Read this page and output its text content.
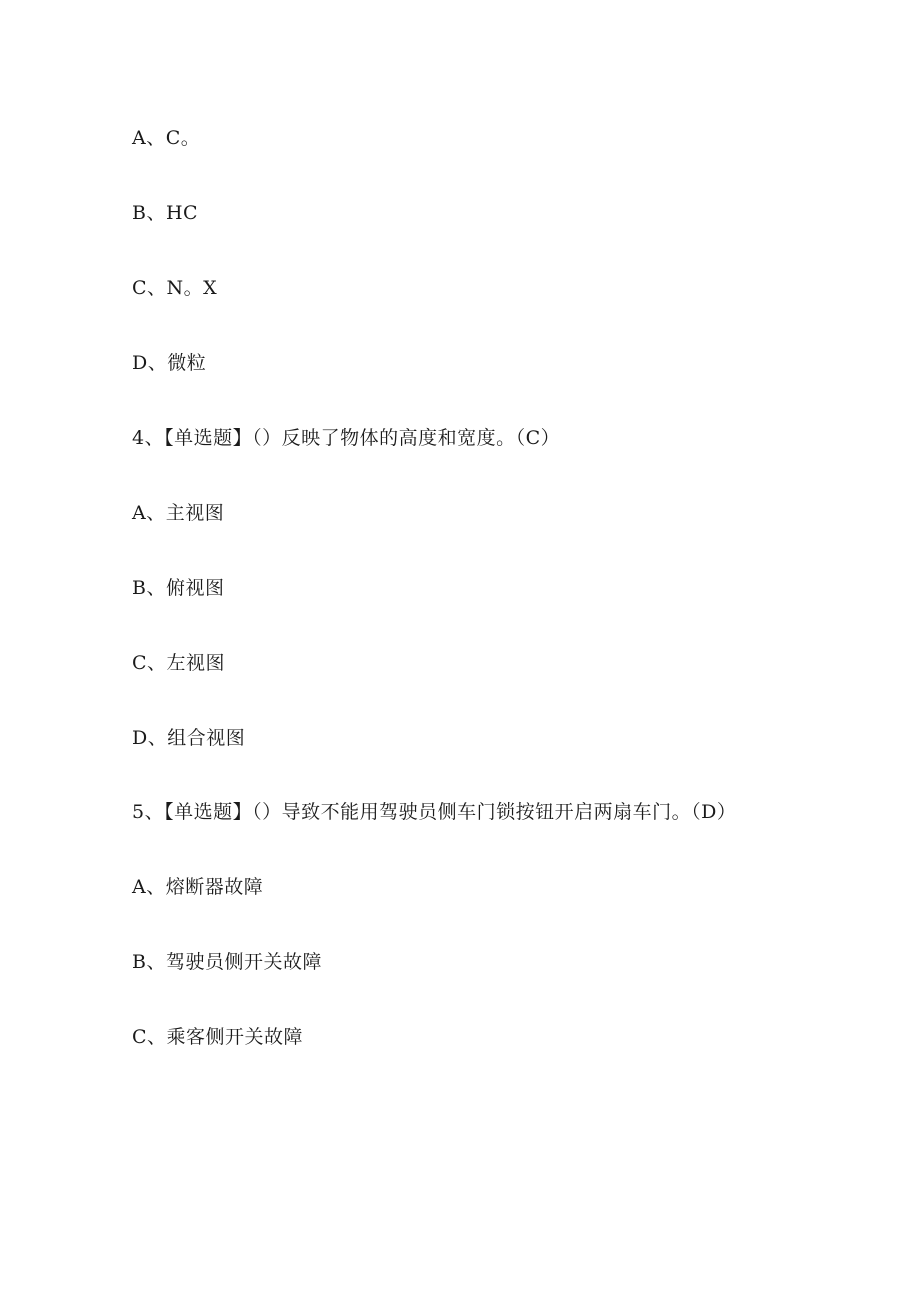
A、C。
B、HC
C、N。X
D、微粒
4、【单选题】（）反映了物体的高度和宽度。（C）
A、主视图
B、俯视图
C、左视图
D、组合视图
5、【单选题】（）导致不能用驾驶员侧车门锁按钮开启两扇车门。（D）
A、熔断器故障
B、驾驶员侧开关故障
C、乘客侧开关故障
